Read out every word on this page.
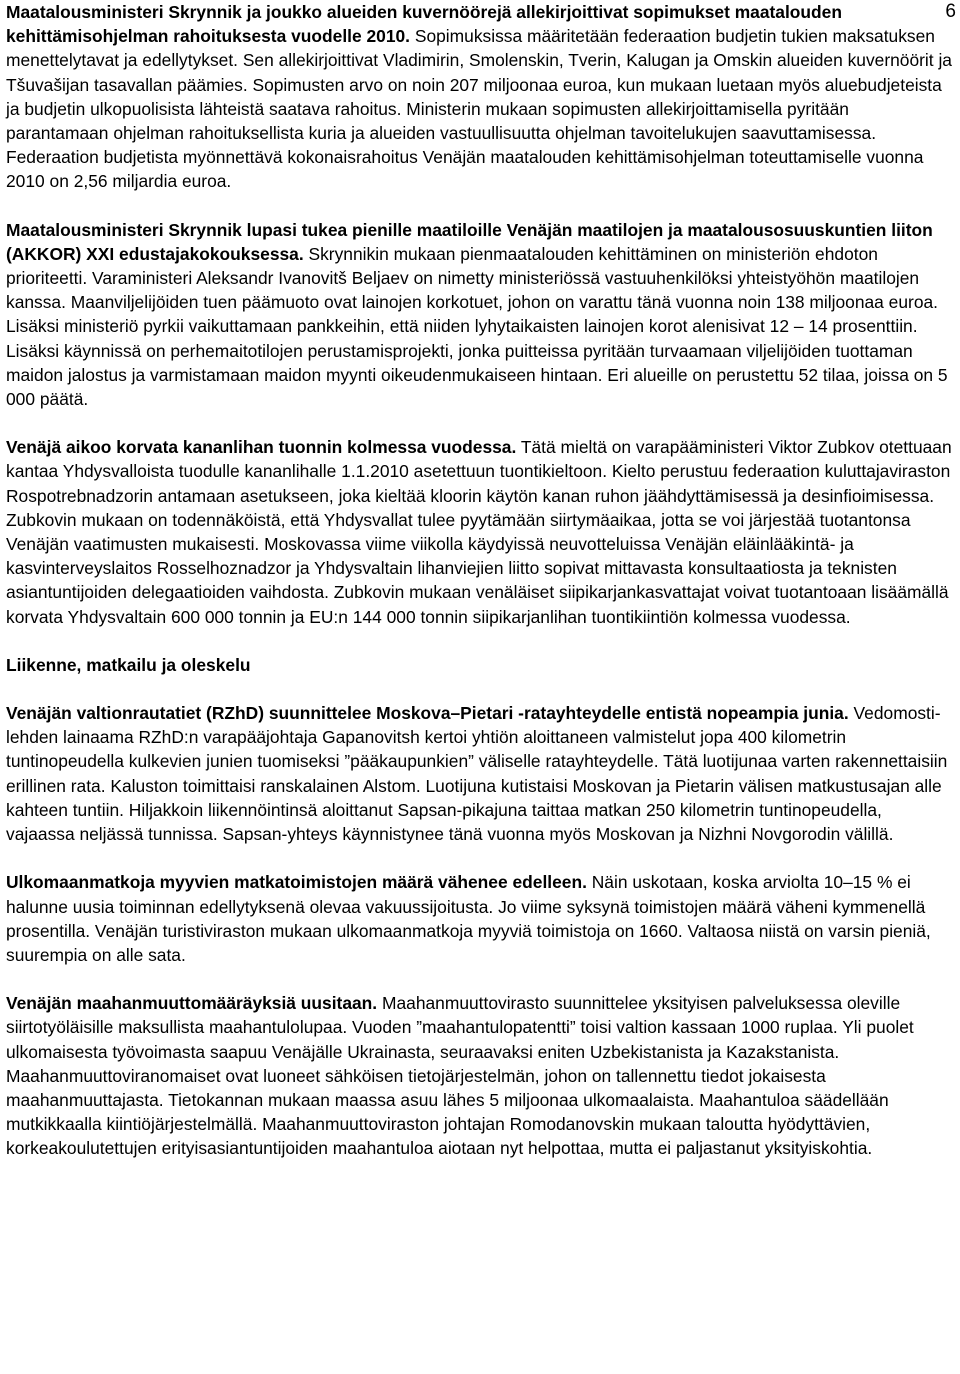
6

Maatalousministeri Skrynnik ja joukko alueiden kuvernöörejä allekirjoittivat sopimukset maatalouden kehittämisohjelman rahoituksesta vuodelle 2010. Sopimuksissa määritetään federaation budjetin tukien maksatuksen menettelytavat ja edellytykset. Sen allekirjoittivat Vladimirin, Smolenskin, Tverin, Kalugan ja Omskin alueiden kuvernöörit ja Tšuvašijan tasavallan päämies. Sopimusten arvo on noin 207 miljoonaa euroa, kun mukaan luetaan myös aluebudjeteista ja budjetin ulkopuolisista lähteistä saatava rahoitus. Ministerin mukaan sopimusten allekirjoittamisella pyritään parantamaan ohjelman rahoituksellista kuria ja alueiden vastuullisuutta ohjelman tavoitelukujen saavuttamisessa. Federaation budjetista myönnettävä kokonaisrahoitus Venäjän maatalouden kehittämisohjelman toteuttamiselle vuonna 2010 on 2,56 miljardia euroa.

Maatalousministeri Skrynnik lupasi tukea pienille maatiloille Venäjän maatilojen ja maatalousosuuskuntien liiton (AKKOR) XXI edustajakokouksessa. Skrynnikin mukaan pienmaatalouden kehittäminen on ministeriön ehdoton prioriteetti. Varaministeri Aleksandr Ivanovitš Beljaev on nimetty ministeriössä vastuuhenkilöksi yhteistyöhön maatilojen kanssa. Maanviljelijöiden tuen päämuoto ovat lainojen korkotuet, johon on varattu tänä vuonna noin 138 miljoonaa euroa. Lisäksi ministeriö pyrkii vaikuttamaan pankkeihin, että niiden lyhytaikaisten lainojen korot alenisivat 12 – 14 prosenttiin. Lisäksi käynnissä on perhemaitotilojen perustamisprojekti, jonka puitteissa pyritään turvaamaan viljelijöiden tuottaman maidon jalostus ja varmistamaan maidon myynti oikeudenmukaiseen hintaan. Eri alueille on perustettu 52 tilaa, joissa on 5 000 päätä.

Venäjä aikoo korvata kananlihan tuonnin kolmessa vuodessa. Tätä mieltä on varapääministeri Viktor Zubkov otettuaan kantaa Yhdysvalloista tuodulle kananlihalle 1.1.2010 asetettuun tuontikieltoon. Kielto perustuu federaation kuluttajaviraston Rospotrebnadzorin antamaan asetukseen, joka kieltää kloorin käytön kanan ruhon jäähdyttämisessä ja desinfioimisessa. Zubkovin mukaan on todennäköistä, että Yhdysvallat tulee pyytämään siirtymäaikaa, jotta se voi järjestää tuotantonsa Venäjän vaatimusten mukaisesti. Moskovassa viime viikolla käydyissä neuvotteluissa Venäjän eläinlääkintä- ja kasvinterveyslaitos Rosselhoznadzor ja Yhdysvaltain lihanviejien liitto sopivat mittavasta konsultaatiosta ja teknisten asiantuntijoiden delegaatioiden vaihdosta. Zubkovin mukaan venäläiset siipikarjankasvattajat voivat tuotantoaan lisäämällä korvata Yhdysvaltain 600 000 tonnin ja EU:n 144 000 tonnin siipikarjanlihan tuontikiintiön kolmessa vuodessa.

Liikenne, matkailu ja oleskelu

Venäjän valtionrautatiet (RZhD) suunnittelee Moskova–Pietari -ratayhteydelle entistä nopeampia junia. Vedomosti-lehden lainaama RZhD:n varapääjohtaja Gapanovitsh kertoi yhtiön aloittaneen valmistelut jopa 400 kilometrin tuntinopeudella kulkevien junien tuomiseksi ”pääkaupunkien” väliselle ratayhteydelle. Tätä luotijunaa varten rakennettaisiin erillinen rata. Kaluston toimittaisi ranskalainen Alstom. Luotijuna kutistaisi Moskovan ja Pietarin välisen matkustusajan alle kahteen tuntiin. Hiljakkoin liikennöintinsä aloittanut Sapsan-pikajuna taittaa matkan 250 kilometrin tuntinopeudella, vajaassa neljässä tunnissa. Sapsan-yhteys käynnistynee tänä vuonna myös Moskovan ja Nizhni Novgorodin välillä.

Ulkomaanmatkoja myyvien matkatoimistojen määrä vähenee edelleen. Näin uskotaan, koska arviolta 10–15 % ei halunne uusia toiminnan edellytyksenä olevaa vakuussijoitusta. Jo viime syksynä toimistojen määrä väheni kymmenellä prosentilla. Venäjän turistiviraston mukaan ulkomaanmatkoja myyviä toimistoja on 1660. Valtaosa niistä on varsin pieniä, suurempia on alle sata.

Venäjän maahanmuuttomääräyksiä uusitaan. Maahanmuuttovirasto suunnittelee yksityisen palveluksessa oleville siirtotyöläisille maksullista maahantulolupaa. Vuoden ”maahantulopatentti” toisi valtion kassaan 1000 ruplaa. Yli puolet ulkomaisesta työvoimasta saapuu Venäjälle Ukrainasta, seuraavaksi eniten Uzbekistanista ja Kazakstanista. Maahanmuuttoviranomaiset ovat luoneet sähköisen tietojärjestelmän, johon on tallennettu tiedot jokaisesta maahanmuuttajasta. Tietokannan mukaan maassa asuu lähes 5 miljoonaa ulkomaalaista. Maahantuloa säädellään mutkikkaalla kiintiöjärjestelmällä. Maahanmuuttoviraston johtajan Romodanovskin mukaan taloutta hyödyttävien, korkeakoulutettujen erityisasiantuntijoiden maahantuloa aiotaan nyt helpottaa, mutta ei paljastanut yksityiskohtia.
